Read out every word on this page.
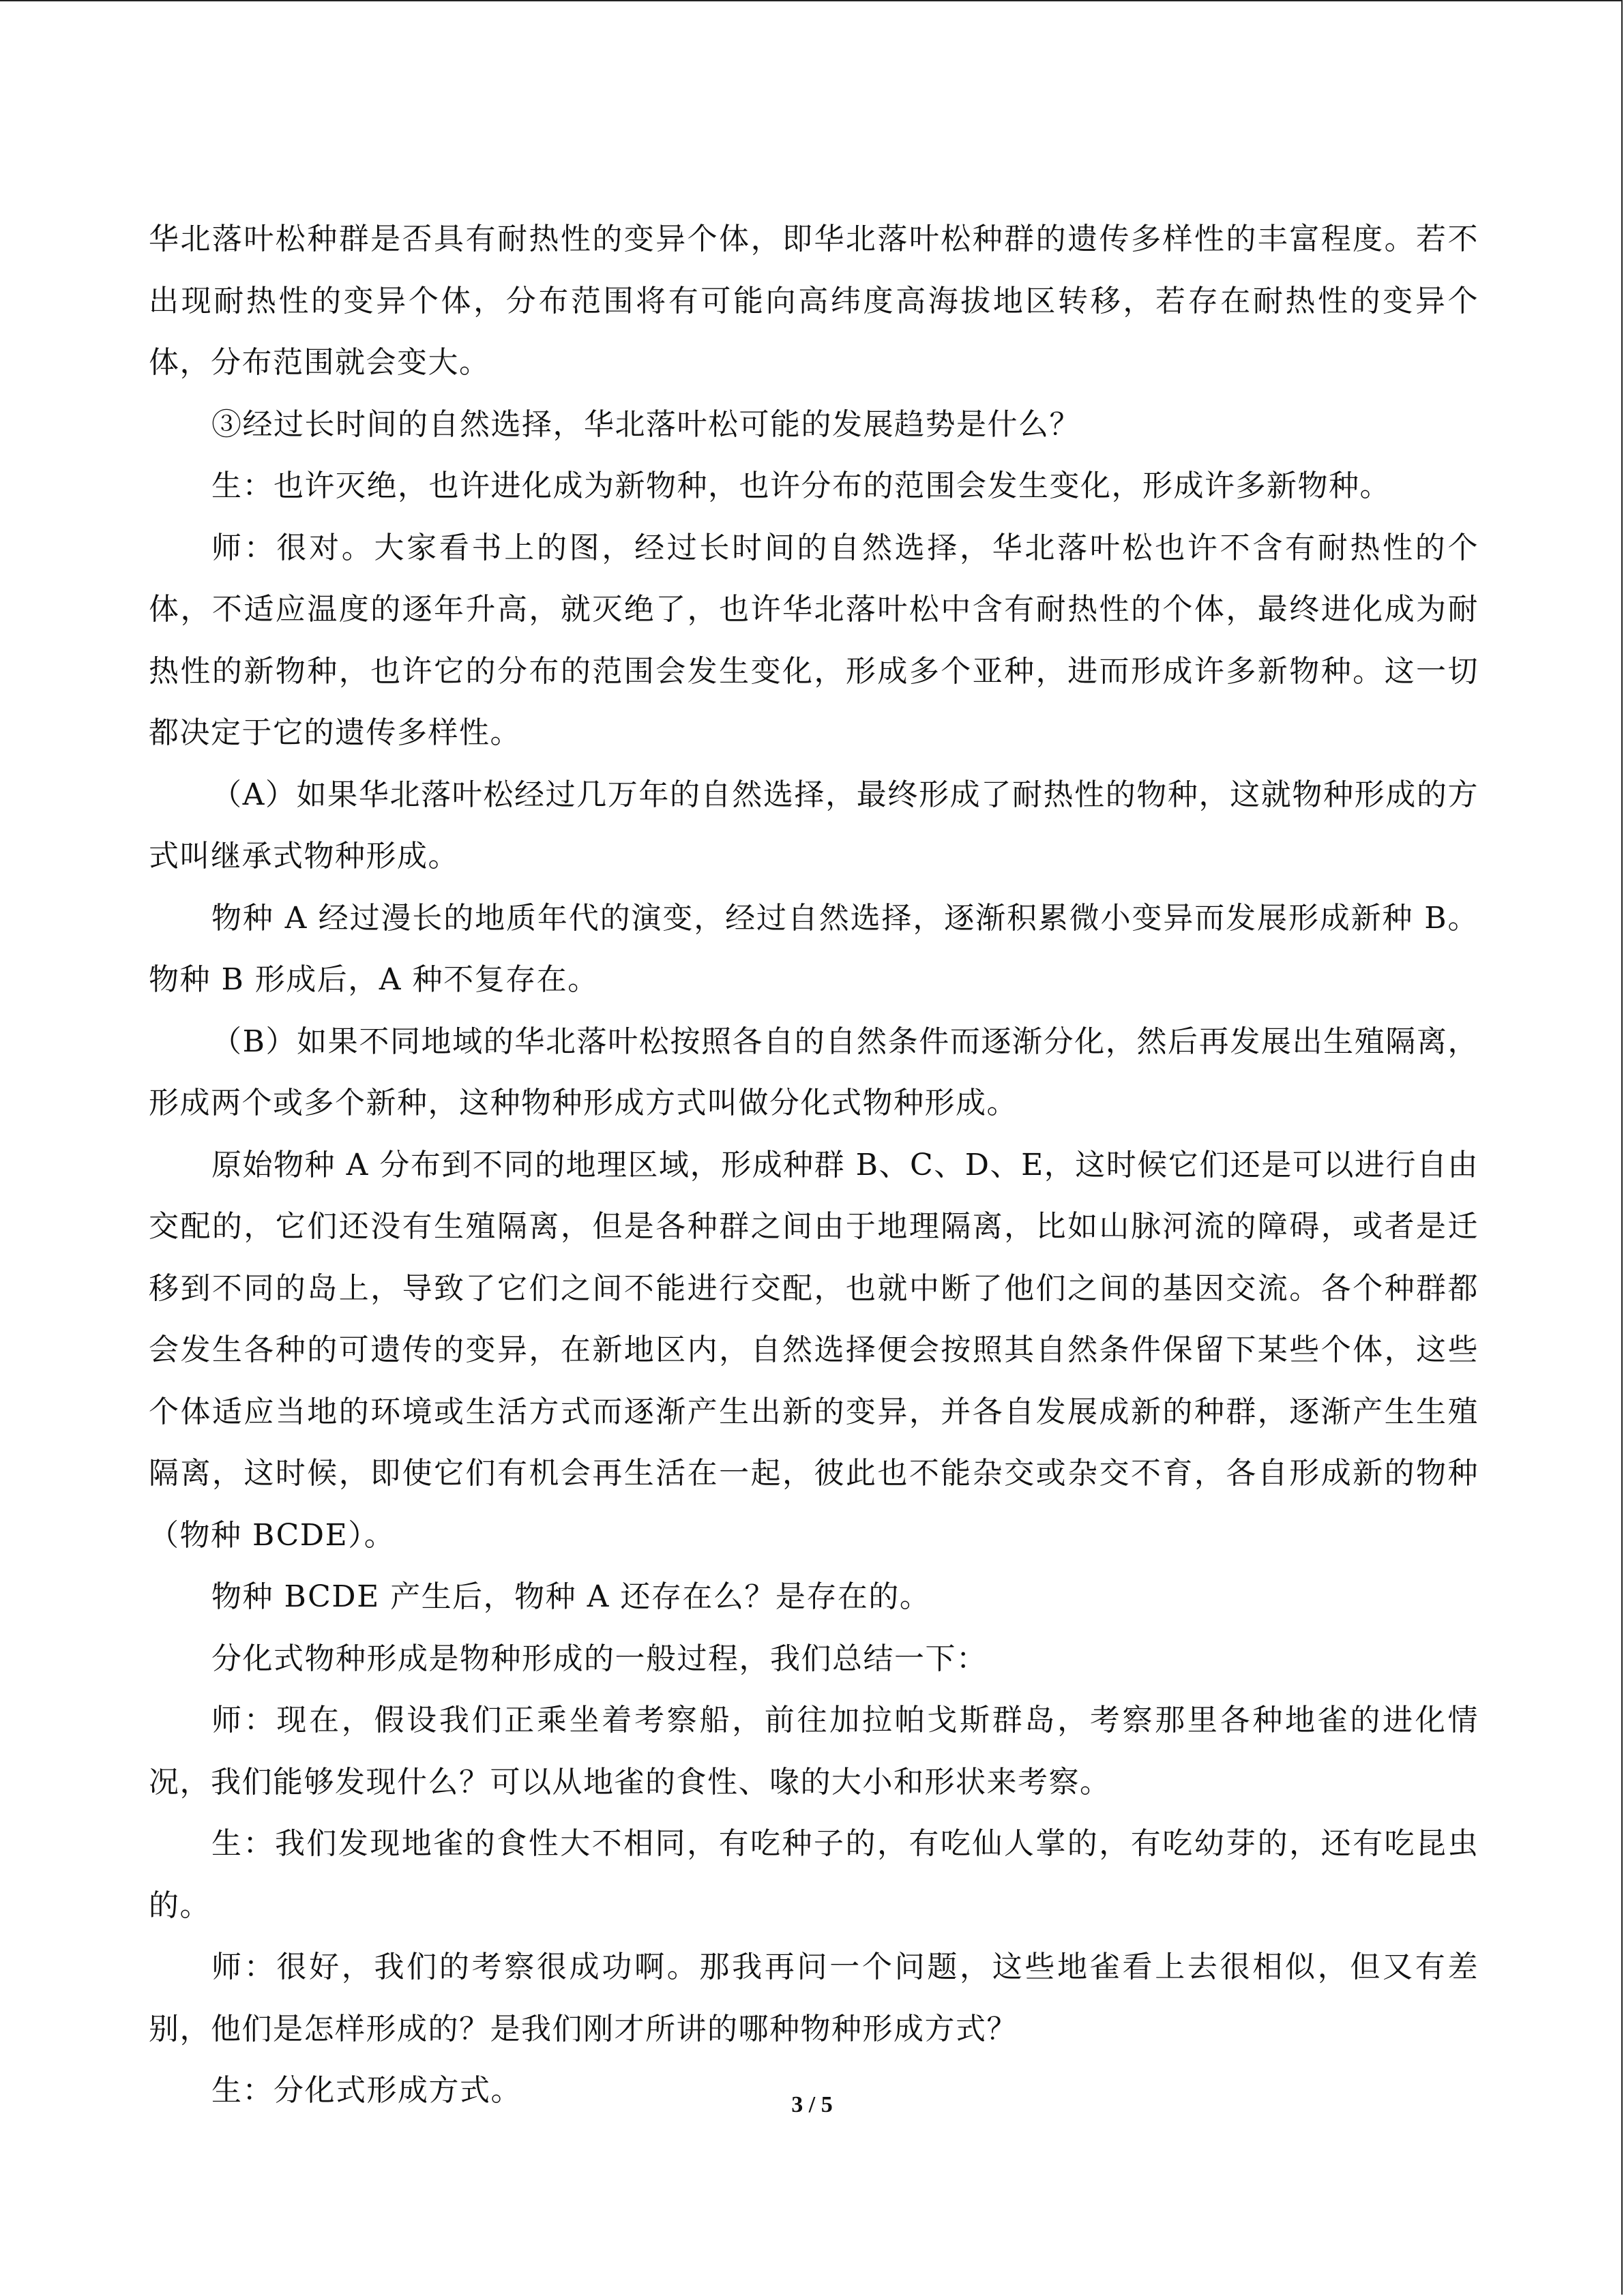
华北落叶松种群是否具有耐热性的变异个体，即华北落叶松种群的遗传多样性的丰富程度。若不出现耐热性的变异个体，分布范围将有可能向高纬度高海拔地区转移，若存在耐热性的变异个体，分布范围就会变大。

③经过长时间的自然选择，华北落叶松可能的发展趋势是什么？

生：也许灭绝，也许进化成为新物种，也许分布的范围会发生变化，形成许多新物种。

师：很对。大家看书上的图，经过长时间的自然选择，华北落叶松也许不含有耐热性的个体，不适应温度的逐年升高，就灭绝了，也许华北落叶松中含有耐热性的个体，最终进化成为耐热性的新物种，也许它的分布的范围会发生变化，形成多个亚种，进而形成许多新物种。这一切都决定于它的遗传多样性。

（A）如果华北落叶松经过几万年的自然选择，最终形成了耐热性的物种，这就物种形成的方式叫继承式物种形成。

物种 A 经过漫长的地质年代的演变，经过自然选择，逐渐积累微小变异而发展形成新种 B。物种 B 形成后，A 种不复存在。

（B）如果不同地域的华北落叶松按照各自的自然条件而逐渐分化，然后再发展出生殖隔离，形成两个或多个新种，这种物种形成方式叫做分化式物种形成。

原始物种 A 分布到不同的地理区域，形成种群 B、C、D、E，这时候它们还是可以进行自由交配的，它们还没有生殖隔离，但是各种群之间由于地理隔离，比如山脉河流的障碍，或者是迁移到不同的岛上，导致了它们之间不能进行交配，也就中断了他们之间的基因交流。各个种群都会发生各种的可遗传的变异，在新地区内，自然选择便会按照其自然条件保留下某些个体，这些个体适应当地的环境或生活方式而逐渐产生出新的变异，并各自发展成新的种群，逐渐产生生殖隔离，这时候，即使它们有机会再生活在一起，彼此也不能杂交或杂交不育，各自形成新的物种（物种 BCDE）。

物种 BCDE 产生后，物种 A 还存在么？是存在的。

分化式物种形成是物种形成的一般过程，我们总结一下：

师：现在，假设我们正乘坐着考察船，前往加拉帕戈斯群岛，考察那里各种地雀的进化情况，我们能够发现什么？可以从地雀的食性、喙的大小和形状来考察。

生：我们发现地雀的食性大不相同，有吃种子的，有吃仙人掌的，有吃幼芽的，还有吃昆虫的。

师：很好，我们的考察很成功啊。那我再问一个问题，这些地雀看上去很相似，但又有差别，他们是怎样形成的？是我们刚才所讲的哪种物种形成方式？

生：分化式形成方式。	3 / 5
